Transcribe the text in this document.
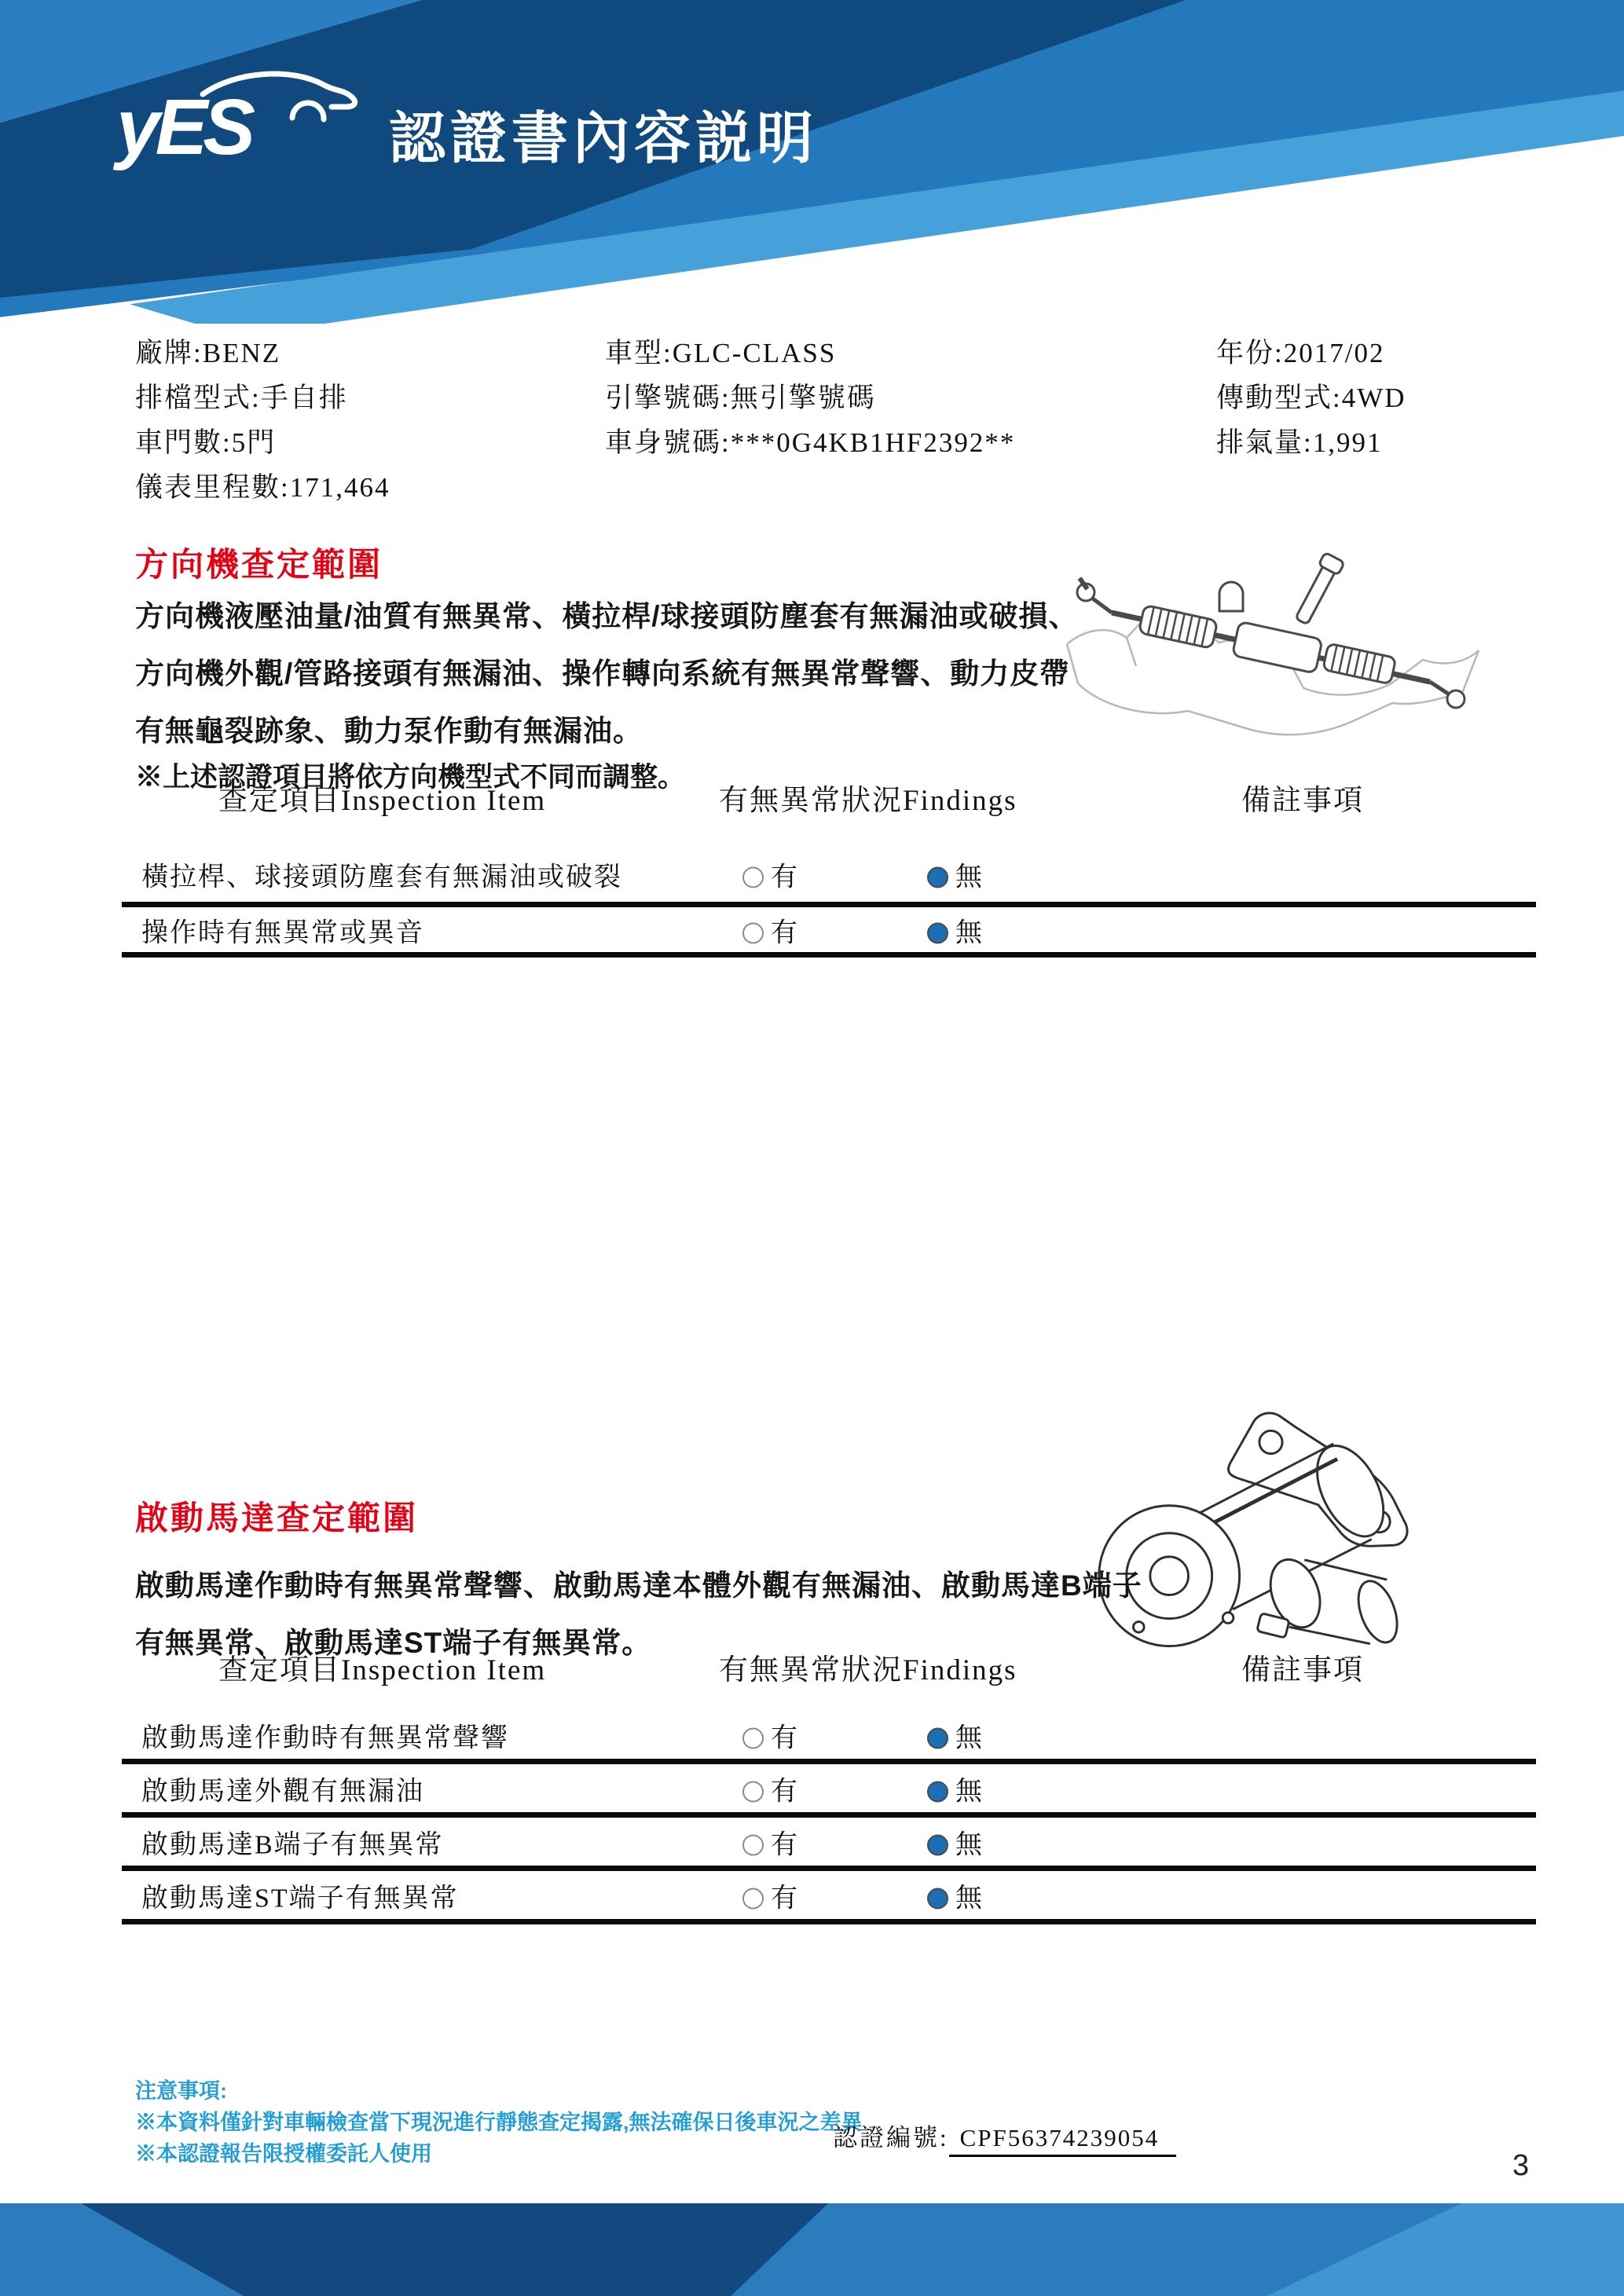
yES 認證書內容説明
廠牌:BENZ
排檔型式:手自排
車門數:5門
儀表里程數:171,464
車型:GLC-CLASS
引擎號碼:無引擎號碼
車身號碼:***0G4KB1HF2392**
年份:2017/02
傳動型式:4WD
排氣量:1,991
方向機查定範圍
方向機液壓油量/油質有無異常、橫拉桿/球接頭防塵套有無漏油或破損、
方向機外觀/管路接頭有無漏油、操作轉向系統有無異常聲響、動力皮帶
有無龜裂跡象、動力泵作動有無漏油。
※上述認證項目將依方向機型式不同而調整。
查定項目Inspection Item	有無異常狀況Findings	備註事項
橫拉桿、球接頭防塵套有無漏油或破裂	有	無
操作時有無異常或異音	有	無
啟動馬達查定範圍
啟動馬達作動時有無異常聲響、啟動馬達本體外觀有無漏油、啟動馬達B端子
有無異常、啟動馬達ST端子有無異常。
查定項目Inspection Item	有無異常狀況Findings	備註事項
啟動馬達作動時有無異常聲響	有	無
啟動馬達外觀有無漏油	有	無
啟動馬達B端子有無異常	有	無
啟動馬達ST端子有無異常	有	無
注意事項:
※本資料僅針對車輛檢查當下現況進行靜態查定揭露,無法確保日後車況之差異
※本認證報告限授權委託人使用
認證編號: CPF56374239054
3
